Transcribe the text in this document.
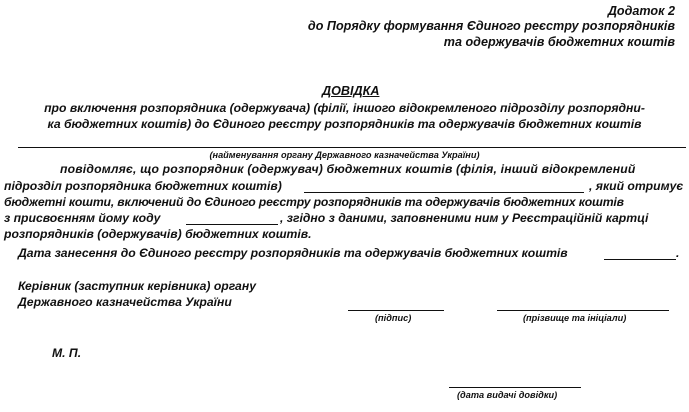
Додаток 2
до Порядку формування Єдиного реєстру розпорядників
та одержувачів бюджетних коштів
ДОВІДКА
про включення розпорядника (одержувача) (філії, іншого відокремленого підрозділу розпорядни-
ка бюджетних коштів) до Єдиного реєстру розпорядників та одержувачів бюджетних коштів
(найменування органу Державного казначейства України)
повідомляє, що розпорядник (одержувач) бюджетних коштів (філія, інший відокремлений
підрозділ розпорядника бюджетних коштів)	, який отримує
бюджетні кошти, включений до Єдиного реєстру розпорядників та одержувачів бюджетних коштів
з присвоєнням йому коду	, згідно з даними, заповненими ним у Реєстраційній картці
розпорядників (одержувачів) бюджетних коштів.
Дата занесення до Єдиного реєстру розпорядників та одержувачів бюджетних коштів	.
Керівник (заступник керівника) органу
Державного казначейства України
(підпис)	(прізвище та ініціали)
М. П.
(дата видачі довідки)
